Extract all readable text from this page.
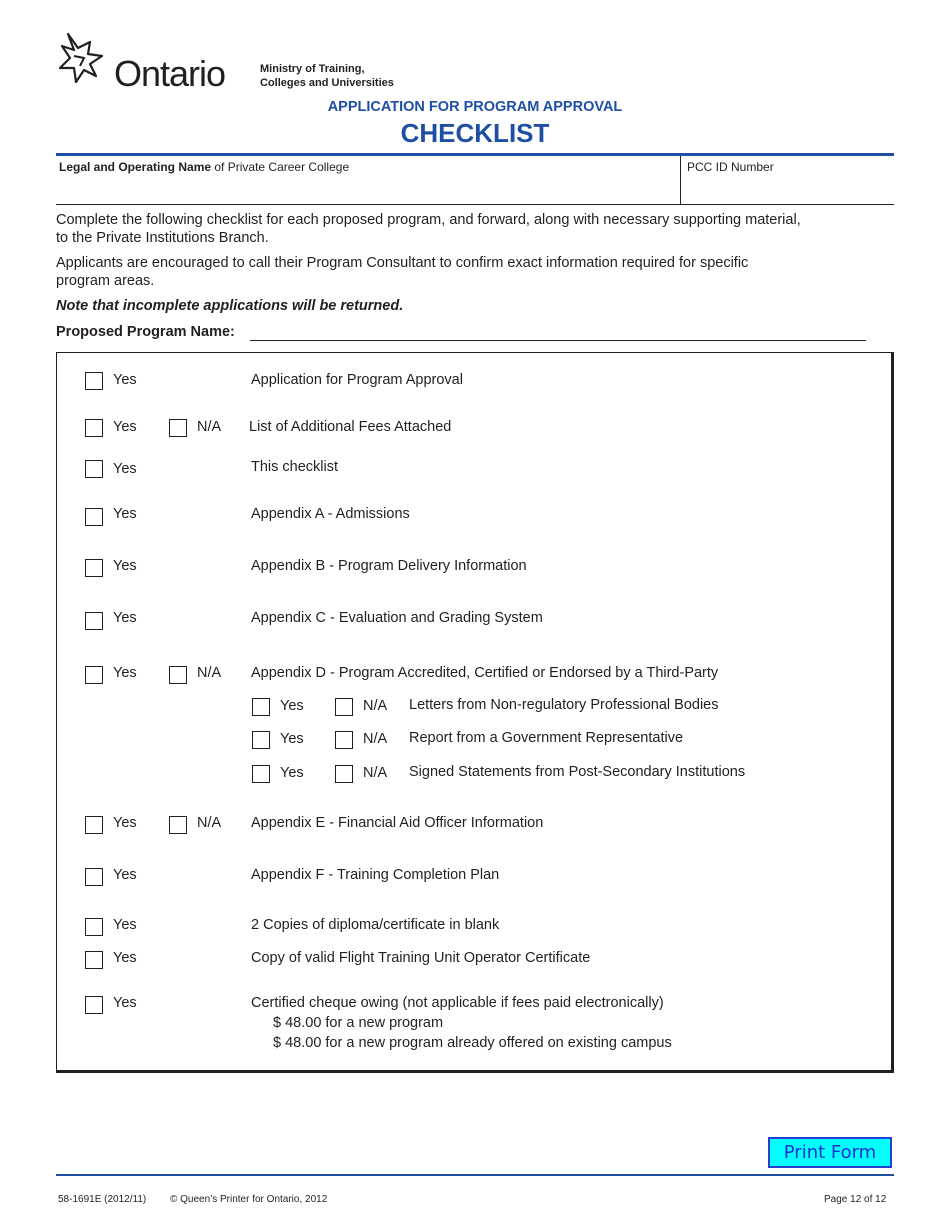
Ontario	Ministry of Training,
Colleges and Universities
APPLICATION FOR PROGRAM APPROVAL
CHECKLIST
Legal and Operating Name of Private Career College	PCC ID Number
Complete the following checklist for each proposed program, and forward, along with necessary supporting material,
to the Private Institutions Branch.
Applicants are encouraged to call their Program Consultant to confirm exact information required for specific
program areas.
Note that incomplete applications will be returned.
Proposed Program Name:
Yes	Application for Program Approval
Yes	N/A List of Additional Fees Attached
Yes	This checklist
Yes	Appendix A - Admissions
Yes	Appendix B - Program Delivery Information
Yes	Appendix C - Evaluation and Grading System
Yes	N/A Appendix D - Program Accredited, Certified or Endorsed by a Third-Party
Yes	N/A Letters from Non-regulatory Professional Bodies
Yes	N/A Report from a Government Representative
Yes	N/A Signed Statements from Post-Secondary Institutions
Yes	N/A Appendix E - Financial Aid Officer Information
Yes	Appendix F - Training Completion Plan
Yes	2 Copies of diploma/certificate in blank
Yes	Copy of valid Flight Training Unit Operator Certificate
Yes	Certified cheque owing (not applicable if fees paid electronically)
$ 48.00 for a new program
$ 48.00 for a new program already offered on existing campus
Print Form
58-1691E (2012/11) © Queen’s Printer for Ontario, 2012	Page 12 of 12
